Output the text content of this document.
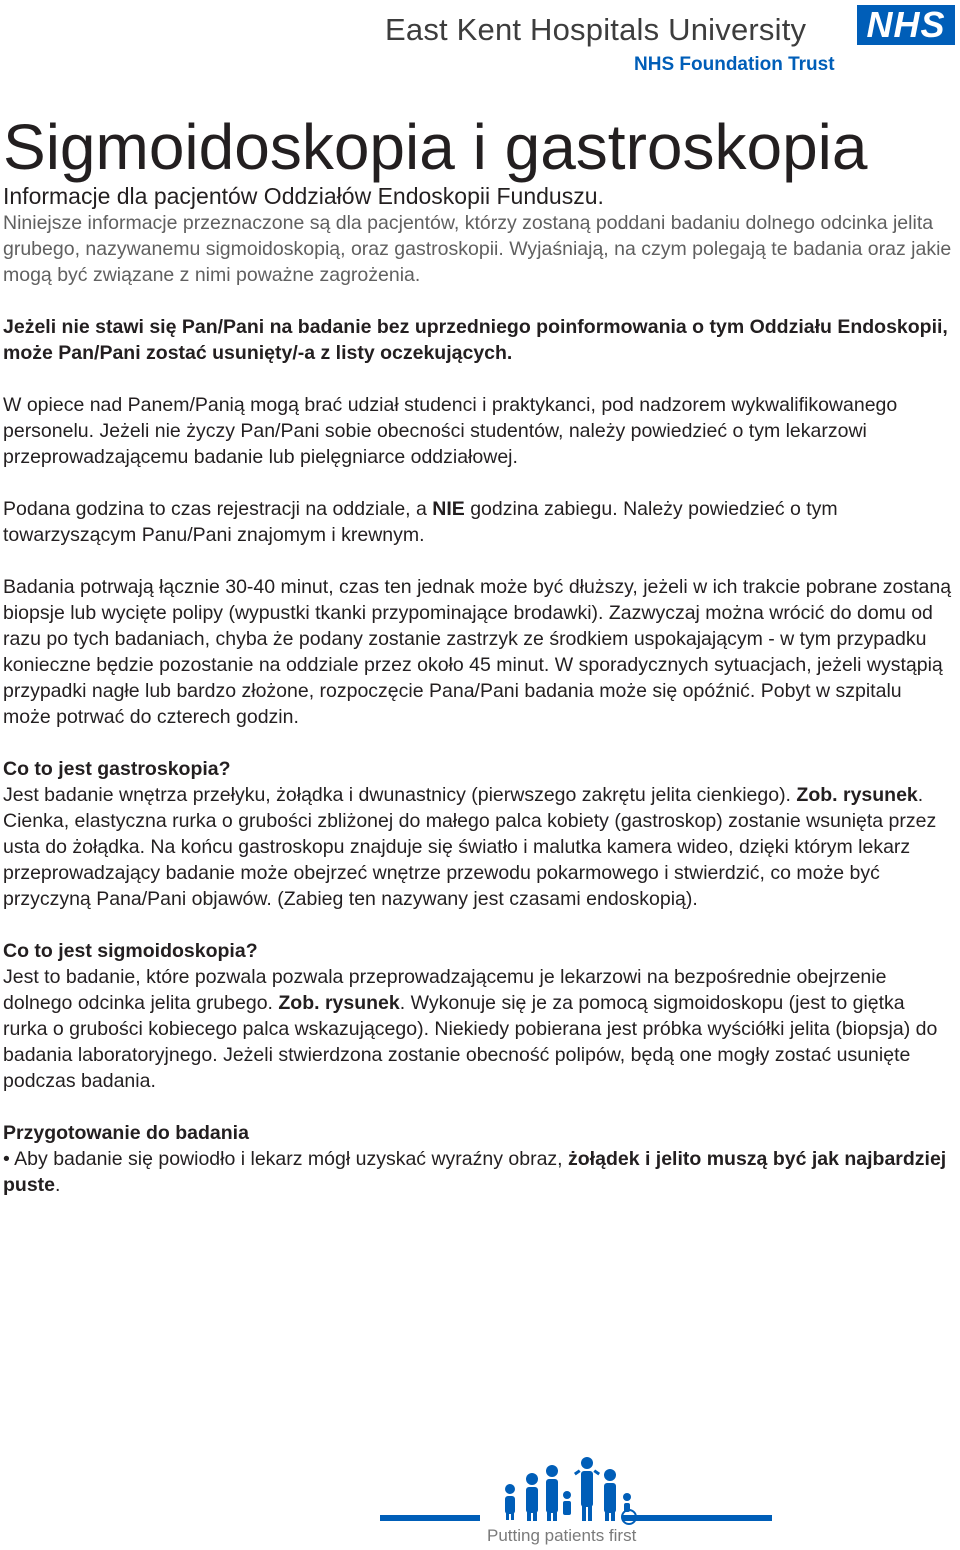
East Kent Hospitals University
NHS Foundation Trust
NHS
Sigmoidoskopia i gastroskopia

Informacje dla pacjentów Oddziałów Endoskopii Funduszu.

Niniejsze informacje przeznaczone są dla pacjentów, którzy zostaną poddani badaniu dolnego odcinka jelita grubego, nazywanemu sigmoidoskopią, oraz gastroskopii. Wyjaśniają, na czym polegają te badania oraz jakie mogą być związane z nimi poważne zagrożenia.

Jeżeli nie stawi się Pan/Pani na badanie bez uprzedniego poinformowania o tym Oddziału Endoskopii, może Pan/Pani zostać usunięty/-a z listy oczekujących.

W opiece nad Panem/Panią mogą brać udział studenci i praktykanci, pod nadzorem wykwalifikowanego personelu. Jeżeli nie życzy Pan/Pani sobie obecności studentów, należy powiedzieć o tym lekarzowi przeprowadzającemu badanie lub pielęgniarce oddziałowej.

Podana godzina to czas rejestracji na oddziale, a NIE godzina zabiegu. Należy powiedzieć o tym towarzyszącym Panu/Pani znajomym i krewnym.

Badania potrwają łącznie 30-40 minut, czas ten jednak może być dłuższy, jeżeli w ich trakcie pobrane zostaną biopsje lub wycięte polipy (wypustki tkanki przypominające brodawki). Zazwyczaj można wrócić do domu od razu po tych badaniach, chyba że podany zostanie zastrzyk ze środkiem uspokajającym - w tym przypadku konieczne będzie pozostanie na oddziale przez około 45 minut. W sporadycznych sytuacjach, jeżeli wystąpią przypadki nagłe lub bardzo złożone, rozpoczęcie Pana/Pani badania może się opóźnić. Pobyt w szpitalu może potrwać do czterech godzin.

Co to jest gastroskopia?

Jest badanie wnętrza przełyku, żołądka i dwunastnicy (pierwszego zakrętu jelita cienkiego). Zob. rysunek. Cienka, elastyczna rurka o grubości zbliżonej do małego palca kobiety (gastroskop) zostanie wsunięta przez usta do żołądka. Na końcu gastroskopu znajduje się światło i malutka kamera wideo, dzięki którym lekarz przeprowadzający badanie może obejrzeć wnętrze przewodu pokarmowego i stwierdzić, co może być przyczyną Pana/Pani objawów. (Zabieg ten nazywany jest czasami endoskopią).

Co to jest sigmoidoskopia?

Jest to badanie, które pozwala pozwala przeprowadzającemu je lekarzowi na bezpośrednie obejrzenie dolnego odcinka jelita grubego. Zob. rysunek. Wykonuje się je za pomocą sigmoidoskopu (jest to giętka rurka o grubości kobiecego palca wskazującego). Niekiedy pobierana jest próbka wyściółki jelita (biopsja) do badania laboratoryjnego. Jeżeli stwierdzona zostanie obecność polipów, będą one mogły zostać usunięte podczas badania.

Przygotowanie do badania

• Aby badanie się powiodło i lekarz mógł uzyskać wyraźny obraz, żołądek i jelito muszą być jak najbardziej puste.

Putting patients first
